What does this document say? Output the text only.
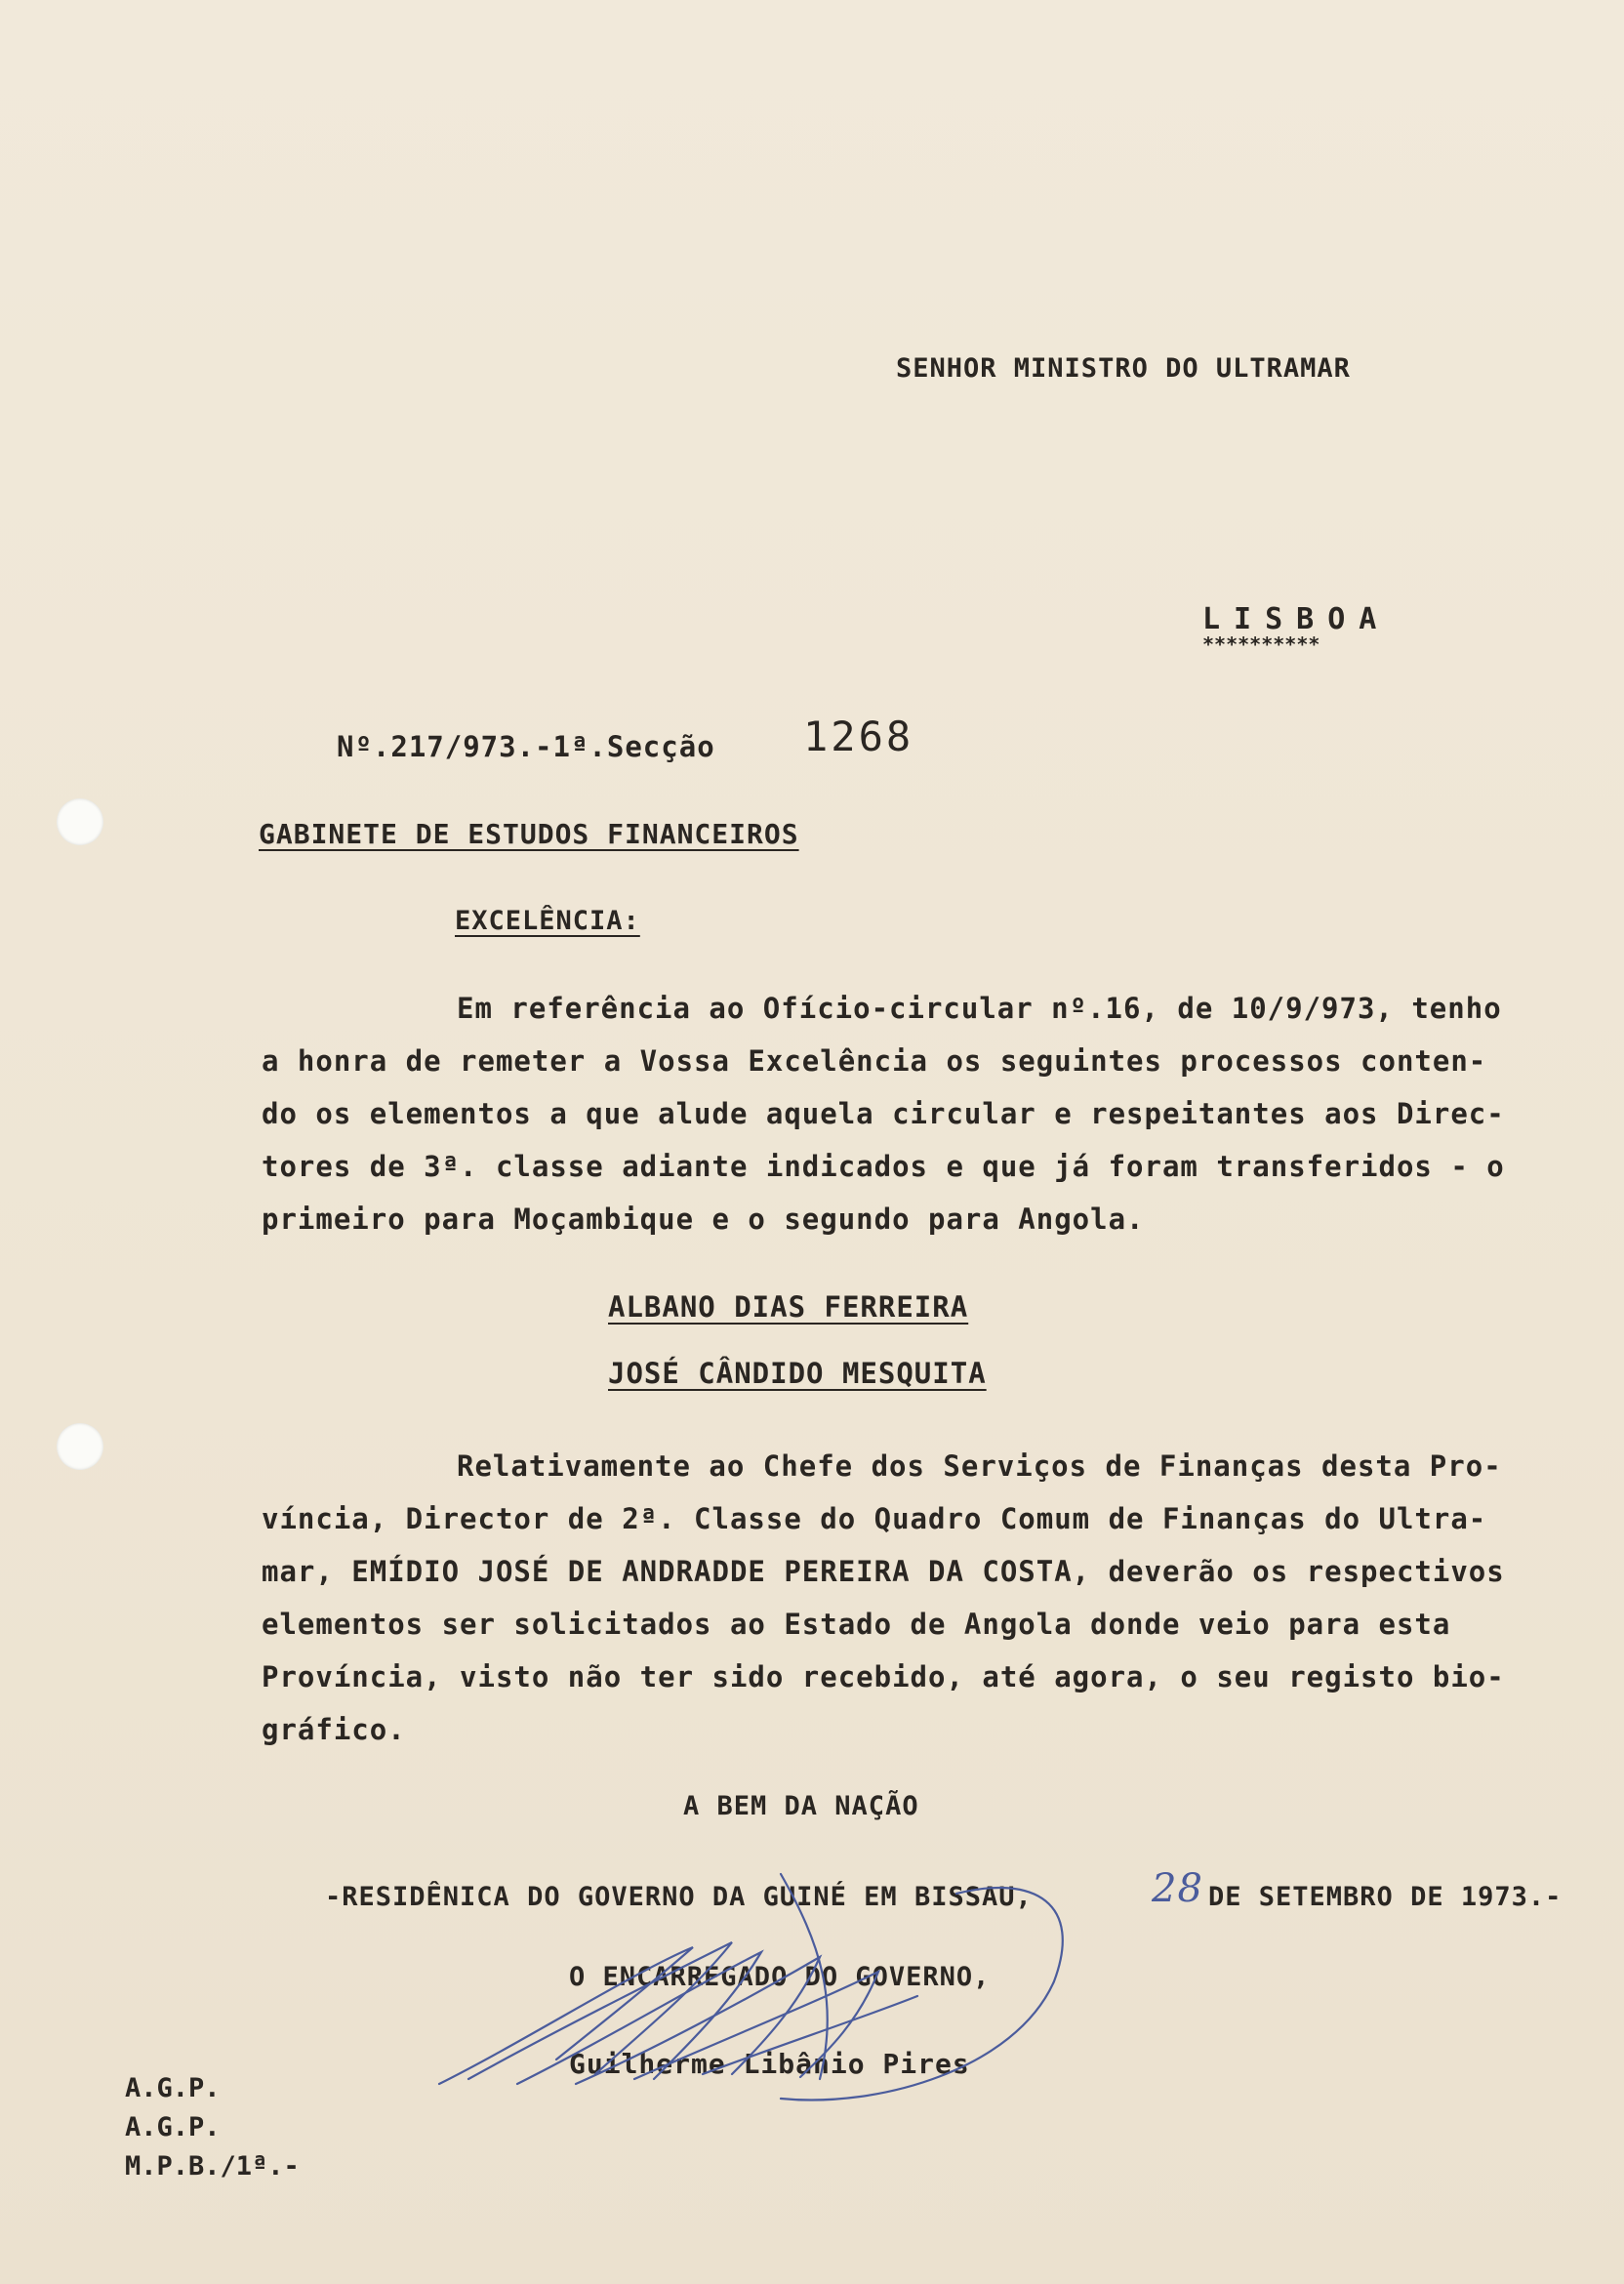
SENHOR MINISTRO DO ULTRAMAR
LISBOA
**********
Nº.217/973.-1ª.Secção 1268
GABINETE DE ESTUDOS FINANCEIROS
EXCELÊNCIA:
Em referência ao Ofício-circular nº.16, de 10/9/973, tenho
a honra de remeter a Vossa Excelência os seguintes processos conten-
do os elementos a que alude aquela circular e respeitantes aos Direc-
tores de 3ª. classe adiante indicados e que já foram transferidos - o
primeiro para Moçambique e o segundo para Angola.
ALBANO DIAS FERREIRA
JOSÉ CÂNDIDO MESQUITA
Relativamente ao Chefe dos Serviços de Finanças desta Pro-
víncia, Director de 2ª. Classe do Quadro Comum de Finanças do Ultra-
mar, EMÍDIO JOSÉ DE ANDRADDE PEREIRA DA COSTA, deverão os respectivos
elementos ser solicitados ao Estado de Angola donde veio para esta
Província, visto não ter sido recebido, até agora, o seu registo bio-
gráfico.
A BEM DA NAÇÃO
-RESIDÊNICA DO GOVERNO DA GUINÉ EM BISSAU,	28 DE SETEMBRO DE 1973.-
O ENCARREGADO DO GOVERNO,
Guilherme Libânio Pires
A.G.P.
A.G.P.
M.P.B./1ª.-
